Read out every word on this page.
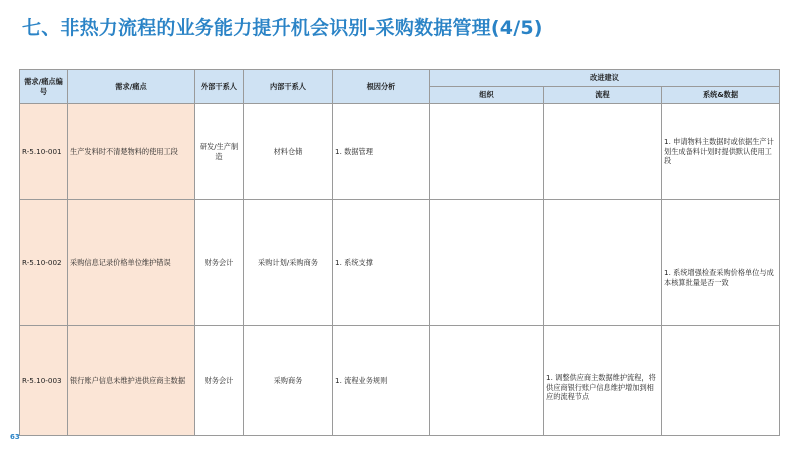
七、非热力流程的业务能力提升机会识别-采购数据管理(4/5)
需求/痛点编号	需求/痛点	外部干系人	内部干系人	根因分析	改进建议		
					组织	流程	系统&数据
R-5.10-001	生产发料时不清楚物料的使用工段	研发/生产制造	材料仓储	1. 数据管理			1. 申请物料主数据时或依据生产计划生成备料计划时提供默认使用工段
R-5.10-002	采购信息记录价格单位维护错误	财务会计	采购计划/采购商务	1. 系统支撑			1. 系统增强检查采购价格单位与成本核算批量是否一致
R-5.10-003	银行账户信息未维护进供应商主数据	财务会计	采购商务	1. 流程业务规则		1. 调整供应商主数据维护流程，将供应商银行账户信息维护增加到相应的流程节点	
63
